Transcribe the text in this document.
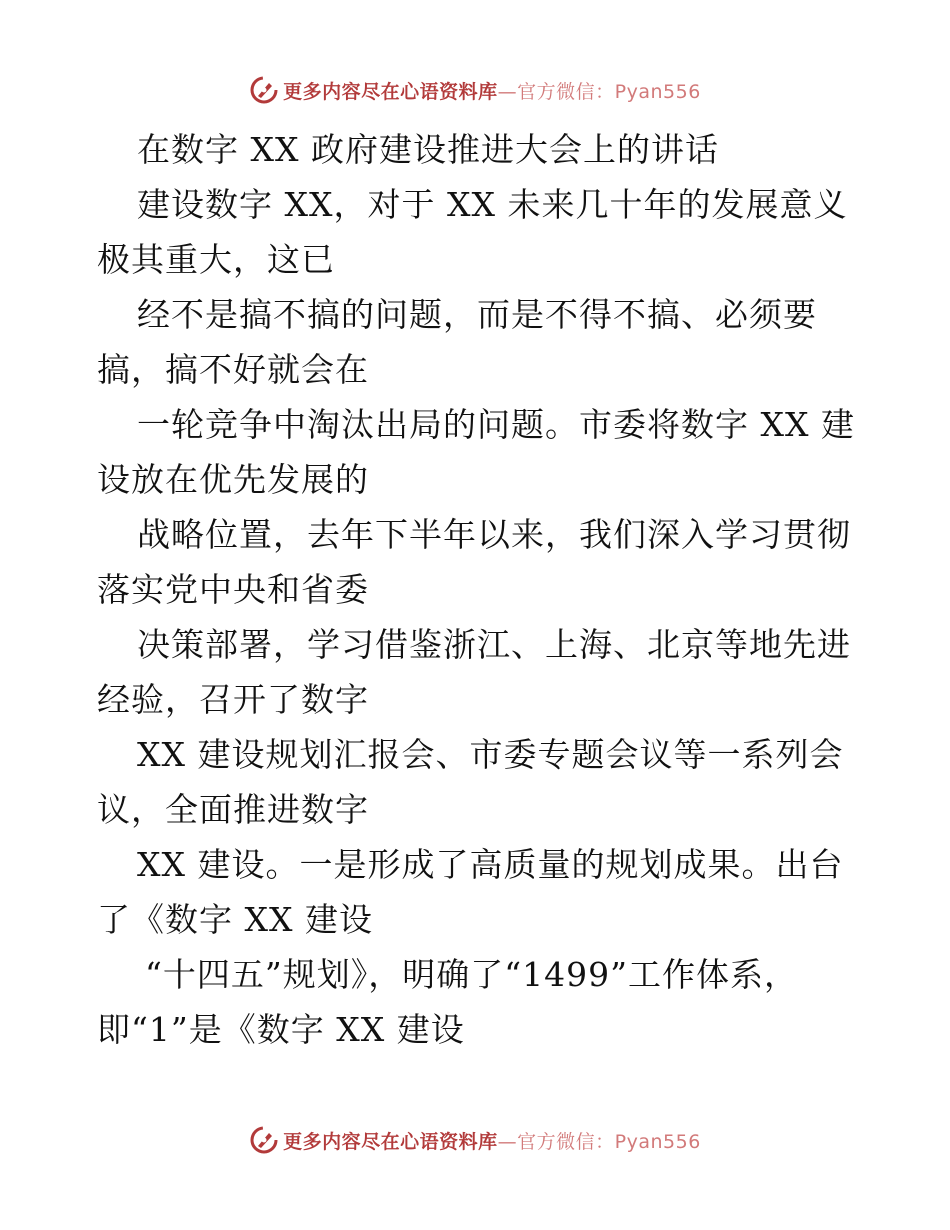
更多内容尽在心语资料库—官方微信：Pyan556
在数字 XX 政府建设推进大会上的讲话
建设数字 XX，对于 XX 未来几十年的发展意义
极其重大，这已
经不是搞不搞的问题，而是不得不搞、必须要
搞，搞不好就会在
一轮竞争中淘汰出局的问题。市委将数字 XX 建
设放在优先发展的
战略位置，去年下半年以来，我们深入学习贯彻
落实党中央和省委
决策部署，学习借鉴浙江、上海、北京等地先进
经验，召开了数字
XX 建设规划汇报会、市委专题会议等一系列会
议，全面推进数字
XX 建设。一是形成了高质量的规划成果。出台
了《数字 XX 建设
“十四五”规划》，明确了“1499”工作体系，
即“1”是《数字 XX 建设
更多内容尽在心语资料库—官方微信：Pyan556
